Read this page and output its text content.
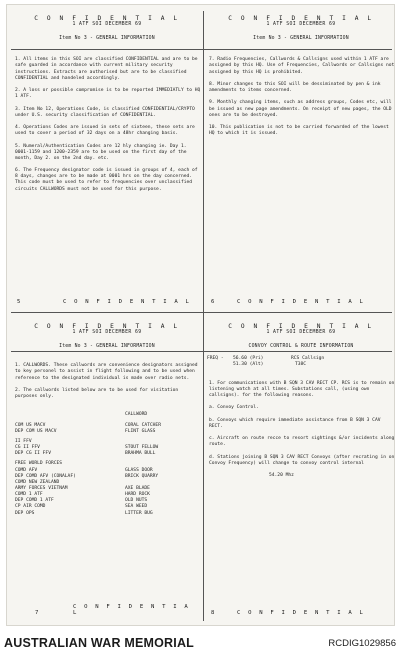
C O N F I D E N T I A L
1 ATF SOI DECEMBER 69
Item No 3 - GENERAL INFORMATION

1. All items in this SOI are classified CONFIDENTIAL and are to be safe guarded in accordance with current military security instructions. Extracts are authorised but are to be classified CONFIDENTIAL and handeled accordingly.

2. A loss or possible compromise is to be reported IMMEDIATLY to HQ 1 ATF.

3. Item No 12, Operations Code, is classified CONFIDENTIAL/CRYPTO under U.S. security classification of CONFIDENTIAL.

4. Operations Codes are issued in sets of sixteen, these sets are used to cover a period of 32 days on a 48hr changing basis.

5. Numeral/Authentication Codes are 12 hly changing ie. Day 1. 0001-1159 and 1200-2359 are to be used on the first day of the month, Day 2. on the 2nd day. etc.

6. The Frequency designator code is issued in groups of 4, each of 8 days, changes are to be made at 0001 hrs on the day concerned. This code must be used to refer to frequencies over unclassified circuits CALLWORDS must not be used for this purpose.

5	C O N F I D E N T I A L
C O N F I D E N T I A L
1 ATF SOI DECEMBER 69
Item No 3 - GENERAL INFORMATION

7. Radio Frequencies, Callwords & Callsigns used within 1 ATF are assigned by this HQ. Use of Frequencies, Callwords or Callsigns not assigned by this HQ is prohibited.

8. Minor changes to this SOI will be dessiminated by pen & ink amendments to items concerned.

9. Monthly changing items, such as address groups, Codes etc, will be issued as new page amendments. On receipt of new pages, the OLD ones are to be destroyed.

10. This publication is not to be carried forwarded of the lowest HQ to which it is issued.

6	C O N F I D E N T I A L
C O N F I D E N T I A L
1 ATF SOI DECEMBER 69
Item No 3 - GENERAL INFORMATION

1. CALLWORDS. These callwords are convenience designators assigned to key personel to assist in flight following and to be used when reference to the designated individual is made over radio nets.

2. The callwords listed below are to be used for visitation purposes only.

CALLWORD
COM US MACV	CORAL CATCHER
DEP COM US MACV	FLINT GLASS
II FFV
CG II FFV	STOUT FELLOW
DEP CG II FFV	BRAHMA BULL
FREE WORLD FORCES
COMD AFV	GLASS DOOR
DEP COMD AFV (CONALAF)	BRICK QUARRY
COMD NEW ZEALAND
ARMY FORCES VIETNAM	AXE BLADE
COMD 1 ATF	HARD ROCK
DEP COMD 1 ATF	OLD NUTS
CP AIR COMD	SEA WEED
DEP OPS	LITTER BUG
7
C O N F I D E N T I A L
C O N F I D E N T I A L
1 ATF SOI DECEMBER 69
CONVOY CONTROL & ROUTE INFORMATION
FREQ -	56.60 (Pri)
51.30 (Alt)
RCS Callsign
T38C

1. For communications with B SQN 3 CAV RECT CP. RCS is to remain on listening watch at all times. Substations call, (using own callsigns). for the following reasons.

a. Convoy Control.

b. Convoys which require immediate assistance from B SQN 3 CAV RECT.

c. Aircraft on route recce to resort sightings &/or incidents along route.

d. Stations joining B SQN 3 CAV RECT Convoys (after recrating in on Convoy Frequency) will change to convoy control internal

54.20 Mhz

8	C O N F I D E N T I A L
AUSTRALIAN WAR MEMORIAL	RCDIG1029856
